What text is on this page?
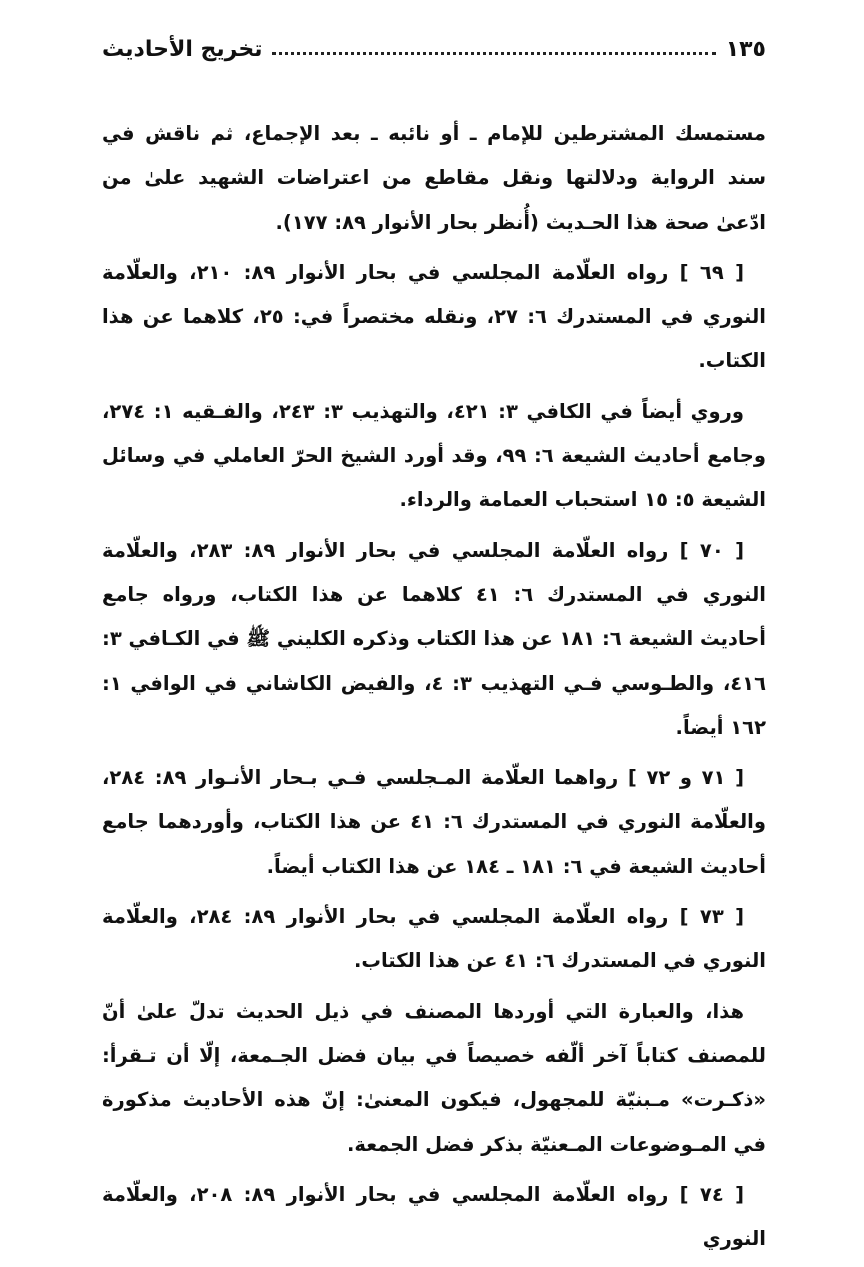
تخريج الأحاديث	١٣٥

مستمسك المشترطين للإمام ـ أو نائبه ـ بعد الإجماع، ثم ناقش في سند الرواية ودلالتها ونقل مقاطع من اعتراضات الشهيد علىٰ من ادّعىٰ صحة هذا الحـديث (أُنظر بحار الأنوار ٨٩: ١٧٧).

[ ٦٩ ] رواه العلّامة المجلسي في بحار الأنوار ٨٩: ٢١٠، والعلّامة النوري في المستدرك ٦: ٢٧، ونقله مختصراً في: ٢٥، كلاهما عن هذا الكتاب.

وروي أيضاً في الكافي ٣: ٤٢١، والتهذيب ٣: ٢٤٣، والفـقيه ١: ٢٧٤، وجامع أحاديث الشيعة ٦: ٩٩، وقد أورد الشيخ الحرّ العاملي في وسائل الشيعة ٥: ١٥ استحباب العمامة والرداء.

[ ٧٠ ] رواه العلّامة المجلسي في بحار الأنوار ٨٩: ٢٨٣، والعلّامة النوري في المستدرك ٦: ٤١ كلاهما عن هذا الكتاب، ورواه جامع أحاديث الشيعة ٦: ١٨١ عن هذا الكتاب وذكره الكليني ﷺ في الكـافي ٣: ٤١٦، والطـوسي فـي التهذيب ٣: ٤، والفيض الكاشاني في الوافي ١: ١٦٢ أيضاً.

[ ٧١ و ٧٢ ] رواهما العلّامة المـجلسي فـي بـحار الأنـوار ٨٩: ٢٨٤، والعلّامة النوري في المستدرك ٦: ٤١ عن هذا الكتاب، وأوردهما جامع أحاديث الشيعة في ٦: ١٨١ ـ ١٨٤ عن هذا الكتاب أيضاً.

[ ٧٣ ] رواه العلّامة المجلسي في بحار الأنوار ٨٩: ٢٨٤، والعلّامة النوري في المستدرك ٦: ٤١ عن هذا الكتاب.

هذا، والعبارة التي أوردها المصنف في ذيل الحديث تدلّ علىٰ أنّ للمصنف كتاباً آخر ألّفه خصيصاً في بيان فضل الجـمعة، إلّا أن تـقرأ: «ذكـرت» مـبنيّة للمجهول، فيكون المعنىٰ: إنّ هذه الأحاديث مذكورة في المـوضوعات المـعنيّة بذكر فضل الجمعة.

[ ٧٤ ] رواه العلّامة المجلسي في بحار الأنوار ٨٩: ٢٠٨، والعلّامة النوري
